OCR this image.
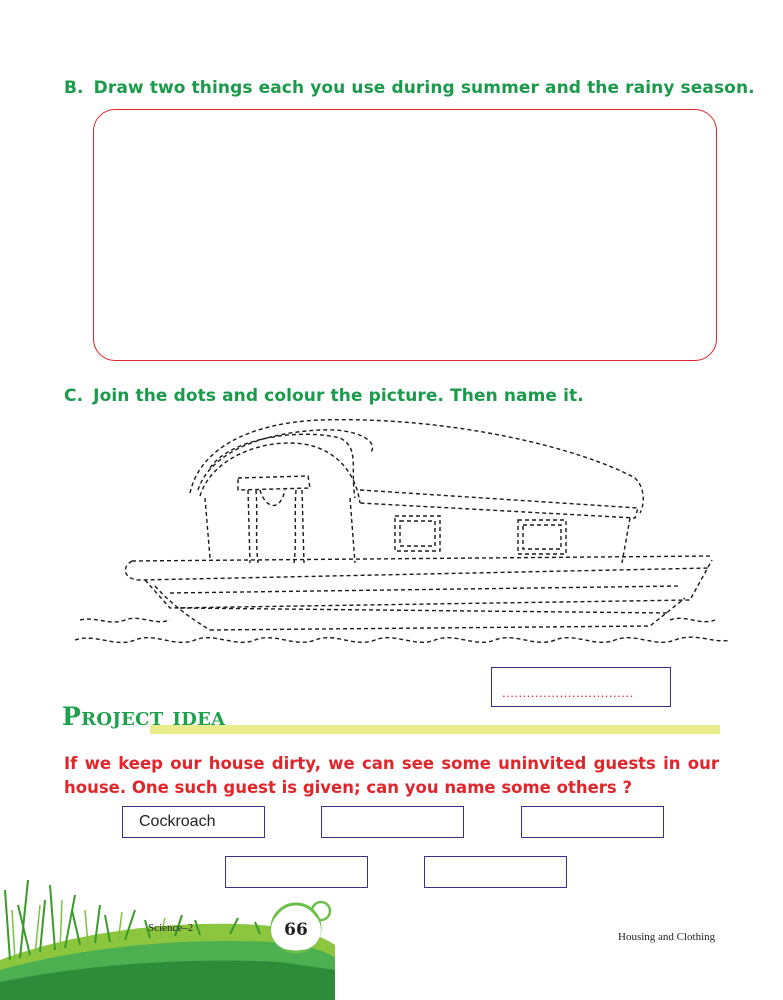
B. Draw two things each you use during summer and the rainy season.
C. Join the dots and colour the picture. Then name it.
................................
Project idea
If we keep our house dirty, we can see some uninvited guests in our house. One such guest is given; can you name some others ?
Cockroach
66
Science–2
Housing and Clothing
